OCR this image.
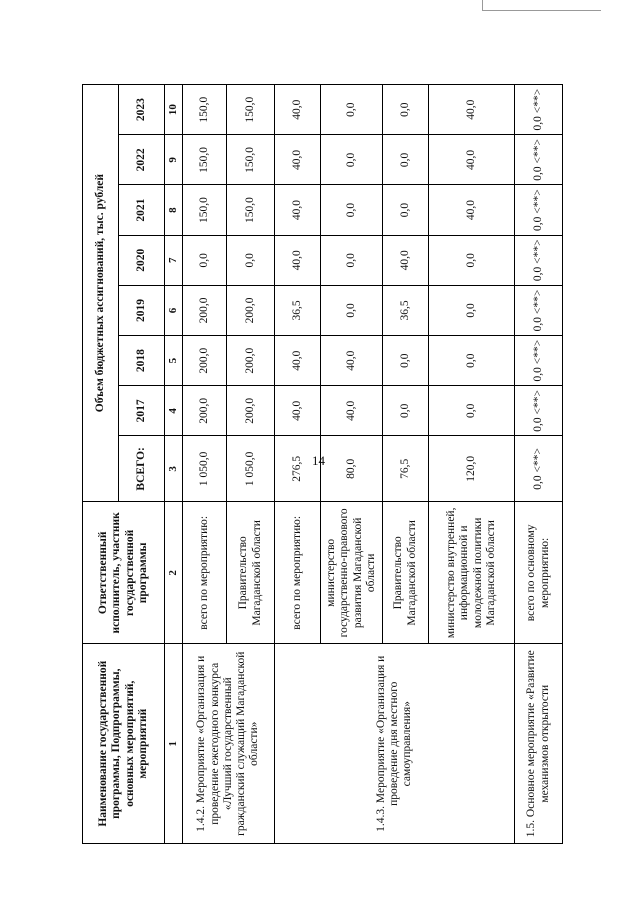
14
Наименование государственной программы, Подпрограммы, основных мероприятий, мероприятий	Ответственный исполнитель, участник государственной программы	Объем бюджетных ассигнований, тыс. рублей							
		ВСЕГО:	2017	2018	2019	2020	2021	2022	2023
1	2	3	4	5	6	7	8	9	10
1.4.2. Мероприятие «Организация и проведение ежегодного конкурса «Лучший государственный гражданский служащий Магаданской области»	всего по мероприятию:	1 050,0	200,0	200,0	200,0	0,0	150,0	150,0	150,0
	Правительство Магаданской области	1 050,0	200,0	200,0	200,0	0,0	150,0	150,0	150,0
1.4.3. Мероприятие «Организация и проведение дня местного самоуправления»	всего по мероприятию:	276,5	40,0	40,0	36,5	40,0	40,0	40,0	40,0
	министерство государственно-правового развития Магаданской области	80,0	40,0	40,0	0,0	0,0	0,0	0,0	0,0
	Правительство Магаданской области	76,5	0,0	0,0	36,5	40,0	0,0	0,0	0,0
	министерство внутренней, информационной и молодежной политики Магаданской области	120,0	0,0	0,0	0,0	0,0	40,0	40,0	40,0
1.5. Основное мероприятие «Развитие механизмов открытости	всего по основному мероприятию:	0,0 <**>	0,0 <**>	0,0 <**>	0,0 <**>	0,0 <**>	0,0 <**>	0,0 <**>	0,0 <**>
